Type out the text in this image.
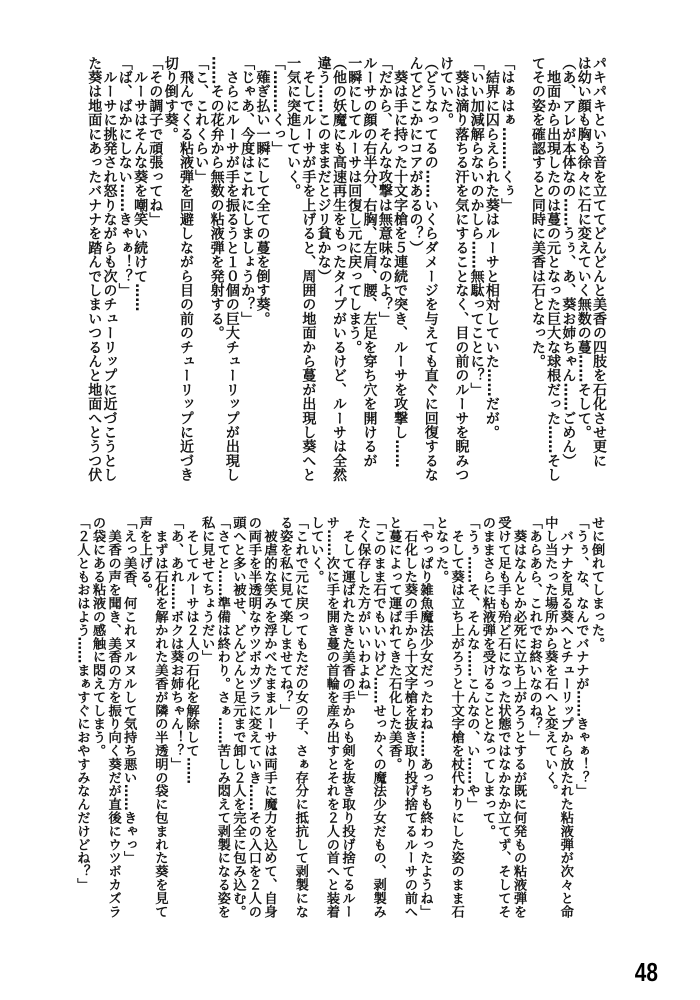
パキパキという音を立ててどんどんと美香の四肢を石化させ更に
は幼い顔も胸も徐々に石に変えていく無数の蔓……そして。
（あ、アレが本体なの……うぅ、あ、葵お姉ちゃん……ごめん）
　地面から出現したのは蔓の元となった巨大な球根だった……そし
てその姿を確認すると同時に美香は石となった。
「はぁはぁ………くぅ」
　結界に囚らえられた葵はルーサと相対していた……だが。
「いい加減解らないのかしら……無駄ってことに？」
　葵は滴り落ちる汗を気にすることなく、目の前のルーサを睨みつ
けていた。
（どうなってるの……いくらダメージを与えても直ぐに回復するな
んてどこかにコアがあるの？）
　葵は手に持った十文字槍を５連続で突き、ルーサを攻撃し……
「だから、そんな攻撃は無意味なのよ？」
ルーサの顔の右半分、右胸、左肩、腰、左足を穿ち穴を開けるが
一瞬にしてルーサは回復し元に戻ってしまう。
（他の妖魔にも高速再生をもったタイプがいるけど、ルーサは全然
違う……このままだとジリ貧かな）
　そしてルーサが手を上げると、周囲の地面から蔓が出現し葵へと
一気に突進していく。
「………くっ」
　薙ぎ払い一瞬にして全ての蔓を倒す葵。
「じゃあ、今度はこれにしましょうか？」
　さらにルーサが手を振るうと１０個の巨大チューリップが出現し
……その花弁から無数の粘液弾を発射する。
「こ、これくらい」
　飛んでくる粘液弾を回避しながら目の前のチューリップに近づき
切り倒す葵。
「その調子で頑張ってね」
　ルーサはそんな葵を嘲笑い続けて……
「ば、ばかにしない……きゃぁ！？」
　ルーサに挑発され怒りながらも次のチューリップに近づこうとし
た葵は地面にあったバナナを踏んでしまいつるんと地面へとうつ伏
せに倒れてしまった。
「うぅ、な、なんでバナナが……きゃぁ！？」
　バナナを見る葵へとチューリップから放たれた粘液弾が次々と命
中し当たった場所から葵を石へと変えていく。
「あらあら、これでお終いなのね？」
　葵はなんとか必死に立ち上がろうとするが既に何発もの粘液弾を
受けて足も手も殆ど石になった状態ではなかなか立てず、そしてそ
のままさらに粘液弾を受けることとなってしまって。
「うぅ……そ、そんな……こんなの、い……や」
　そして葵は立ち上がろうと十文字槍を杖代わりにした姿のまま石
となった。
「やっぱり雑魚魔法少女だったわね……あっちも終わったようね」
　石化した葵の手から十文字槍を抜き取り投げ捨てるルーサの前へ
と蔓によって運ばれてきた石化した美香。
「このまま石でもいいけど……せっかくの魔法少女だもの、剥製み
たく保存した方がいいわよね」
　そして運ばれたきた美香の手からも剣を抜き取り投げ捨てるルー
サ……次に手を開き蔓の首輪を産み出すとそれを２人の首へと装着
していく。
「これで元に戻ってもただの女の子、さぁ存分に抵抗して剥製にな
る姿を私に見て楽しませてね？」
　被虐的な笑みを浮かべたままルーサは両手に魔力を込めて、自身
の両手を半透明なウツボカヅラに変えていき……その入口を２人の
頭へと多い被せ、どんどんと足元まで卸し２人を完全に包み込む。
「さてと……準備は終わり。さぁ……苦しみ悶えて剥製になる姿を
私に見せてちょうだい」
　そしてルーサは２人の石化を解除して……
「あ、あれ……ボクは葵お姉ちゃん！？」
　まずは石化を解かれた美香が隣の半透明の袋に包まれた葵を見て
声を上げる。
「えっ美香、何これヌルヌルして気持ち悪い……きゃっ」
　美香の声を聞き、美香の方を振り向く葵だが直後にウツボカズラ
の袋にある粘液の感触に悶えてしまう。
「２人ともおはよう……まぁすぐにおやすみなんだけどね？」
48
